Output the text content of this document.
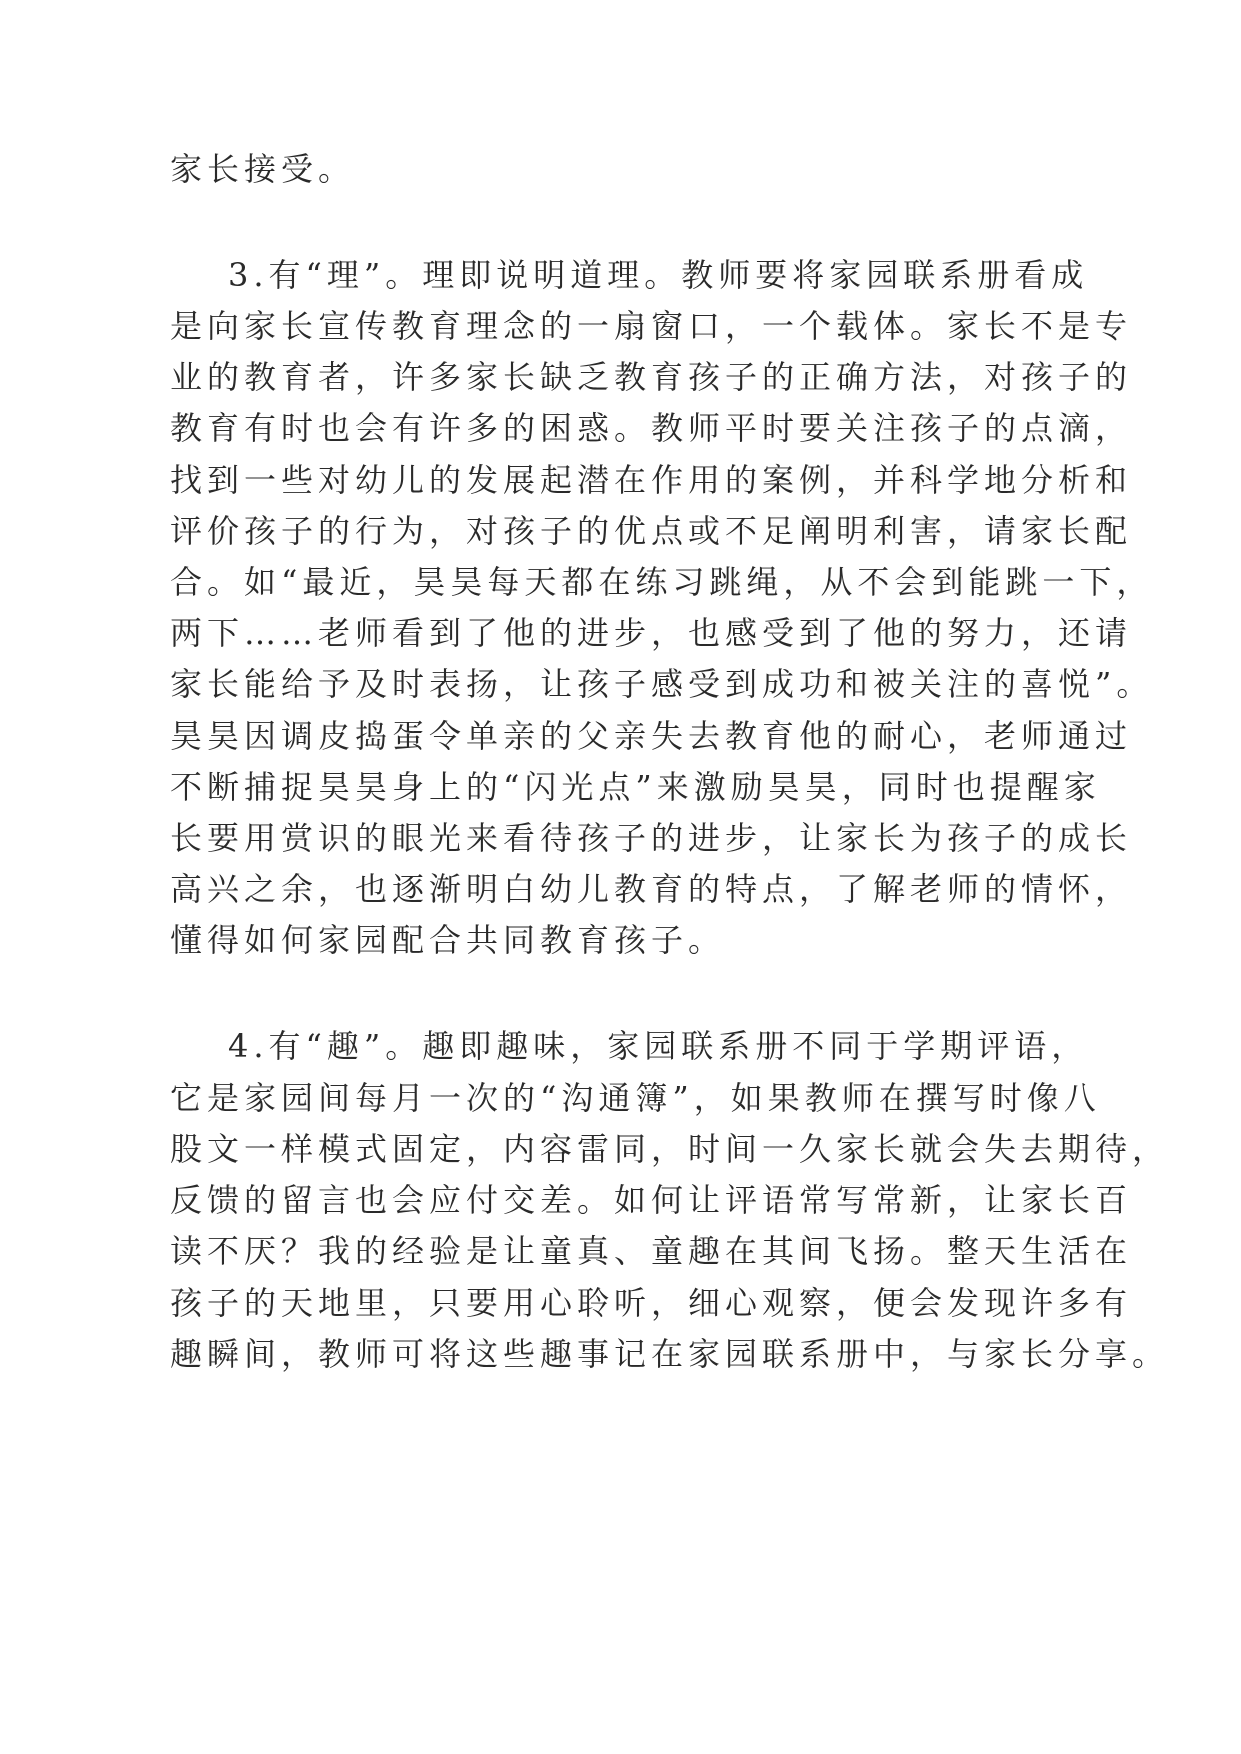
家长接受。
3.有“理”。理即说明道理。教师要将家园联系册看成
是向家长宣传教育理念的一扇窗口，一个载体。家长不是专
业的教育者，许多家长缺乏教育孩子的正确方法，对孩子的
教育有时也会有许多的困惑。教师平时要关注孩子的点滴，
找到一些对幼儿的发展起潜在作用的案例，并科学地分析和
评价孩子的行为，对孩子的优点或不足阐明利害，请家长配
合。如“最近，昊昊每天都在练习跳绳，从不会到能跳一下，
两下……老师看到了他的进步，也感受到了他的努力，还请
家长能给予及时表扬，让孩子感受到成功和被关注的喜悦”。
昊昊因调皮捣蛋令单亲的父亲失去教育他的耐心，老师通过
不断捕捉昊昊身上的“闪光点”来激励昊昊，同时也提醒家
长要用赏识的眼光来看待孩子的进步，让家长为孩子的成长
高兴之余，也逐渐明白幼儿教育的特点，了解老师的情怀，
懂得如何家园配合共同教育孩子。
4.有“趣”。趣即趣味，家园联系册不同于学期评语，
它是家园间每月一次的“沟通簿”，如果教师在撰写时像八
股文一样模式固定，内容雷同，时间一久家长就会失去期待，
反馈的留言也会应付交差。如何让评语常写常新，让家长百
读不厌？我的经验是让童真、童趣在其间飞扬。整天生活在
孩子的天地里，只要用心聆听，细心观察，便会发现许多有
趣瞬间，教师可将这些趣事记在家园联系册中，与家长分享。
